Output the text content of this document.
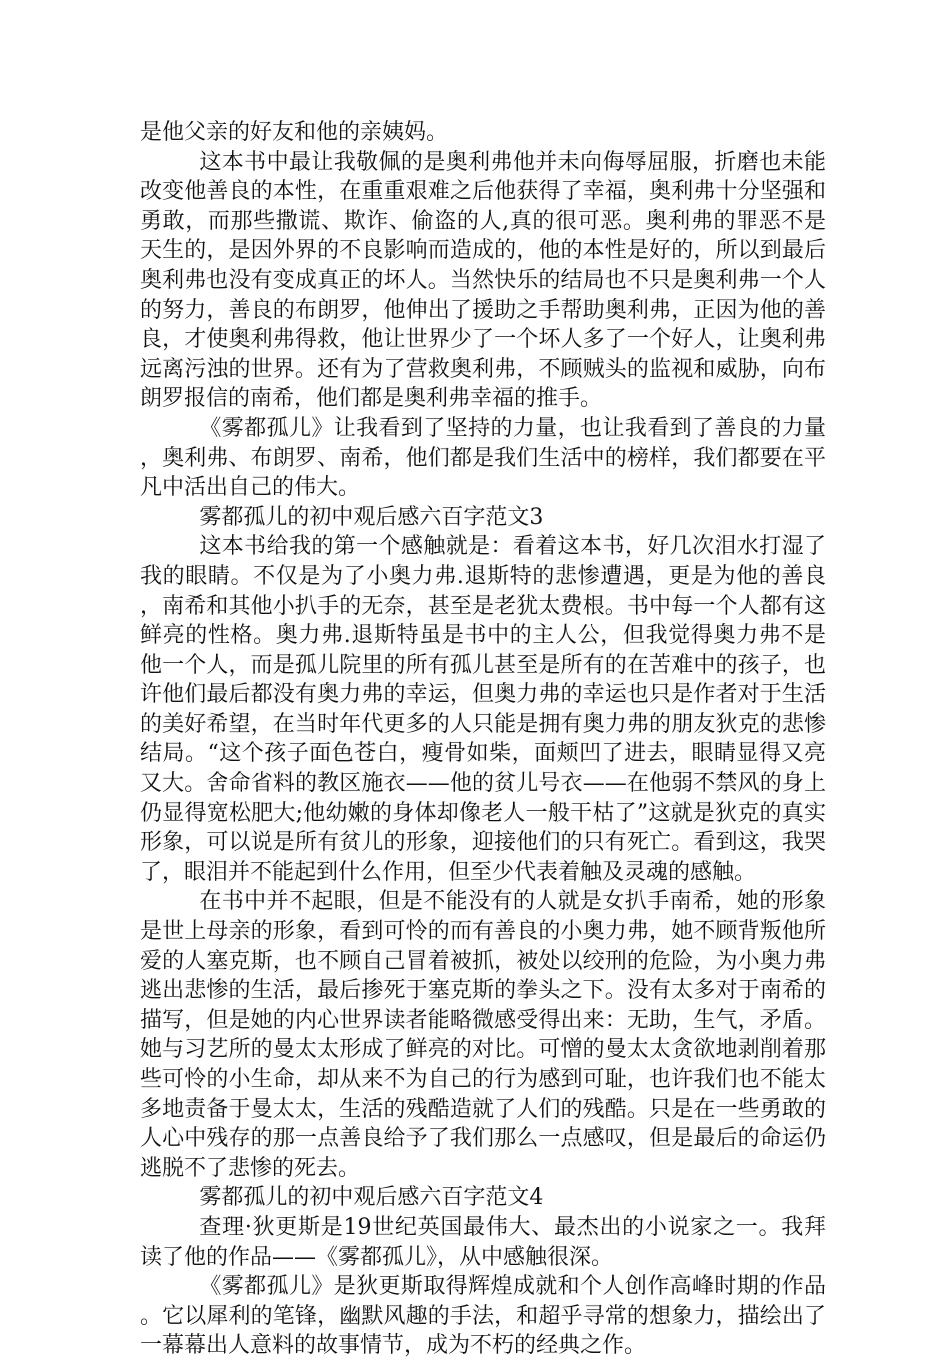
是他父亲的好友和他的亲姨妈。

这本书中最让我敬佩的是奥利弗他并未向侮辱屈服，折磨也未能改变他善良的本性，在重重艰难之后他获得了幸福，奥利弗十分坚强和勇敢，而那些撒谎、欺诈、偷盗的人,真的很可恶。奥利弗的罪恶不是天生的，是因外界的不良影响而造成的，他的本性是好的，所以到最后奥利弗也没有变成真正的坏人。当然快乐的结局也不只是奥利弗一个人的努力，善良的布朗罗，他伸出了援助之手帮助奥利弗，正因为他的善良，才使奥利弗得救，他让世界少了一个坏人多了一个好人，让奥利弗远离污浊的世界。还有为了营救奥利弗，不顾贼头的监视和威胁，向布朗罗报信的南希，他们都是奥利弗幸福的推手。

《雾都孤儿》让我看到了坚持的力量，也让我看到了善良的力量，奥利弗、布朗罗、南希，他们都是我们生活中的榜样，我们都要在平凡中活出自己的伟大。

雾都孤儿的初中观后感六百字范文3

这本书给我的第一个感触就是：看着这本书，好几次泪水打湿了我的眼睛。不仅是为了小奥力弗.退斯特的悲惨遭遇，更是为他的善良，南希和其他小扒手的无奈，甚至是老犹太费根。书中每一个人都有这鲜亮的性格。奥力弗.退斯特虽是书中的主人公，但我觉得奥力弗不是他一个人，而是孤儿院里的所有孤儿甚至是所有的在苦难中的孩子，也许他们最后都没有奥力弗的幸运，但奥力弗的幸运也只是作者对于生活的美好希望，在当时年代更多的人只能是拥有奥力弗的朋友狄克的悲惨结局。“这个孩子面色苍白，瘦骨如柴，面颊凹了进去，眼睛显得又亮又大。舍命省料的教区施衣——他的贫儿号衣——在他弱不禁风的身上仍显得宽松肥大;他幼嫩的身体却像老人一般干枯了”这就是狄克的真实形象，可以说是所有贫儿的形象，迎接他们的只有死亡。看到这，我哭了，眼泪并不能起到什么作用，但至少代表着触及灵魂的感触。

在书中并不起眼，但是不能没有的人就是女扒手南希，她的形象是世上母亲的形象，看到可怜的而有善良的小奥力弗，她不顾背叛他所爱的人塞克斯，也不顾自己冒着被抓，被处以绞刑的危险，为小奥力弗逃出悲惨的生活，最后掺死于塞克斯的拳头之下。没有太多对于南希的描写，但是她的内心世界读者能略微感受得出来：无助，生气，矛盾。她与习艺所的曼太太形成了鲜亮的对比。可憎的曼太太贪欲地剥削着那些可怜的小生命，却从来不为自己的行为感到可耻，也许我们也不能太多地责备于曼太太，生活的残酷造就了人们的残酷。只是在一些勇敢的人心中残存的那一点善良给予了我们那么一点感叹，但是最后的命运仍逃脱不了悲惨的死去。

雾都孤儿的初中观后感六百字范文4

查理·狄更斯是19世纪英国最伟大、最杰出的小说家之一。我拜读了他的作品——《雾都孤儿》，从中感触很深。

《雾都孤儿》是狄更斯取得辉煌成就和个人创作高峰时期的作品。它以犀利的笔锋，幽默风趣的手法，和超乎寻常的想象力，描绘出了一幕幕出人意料的故事情节，成为不朽的经典之作。
